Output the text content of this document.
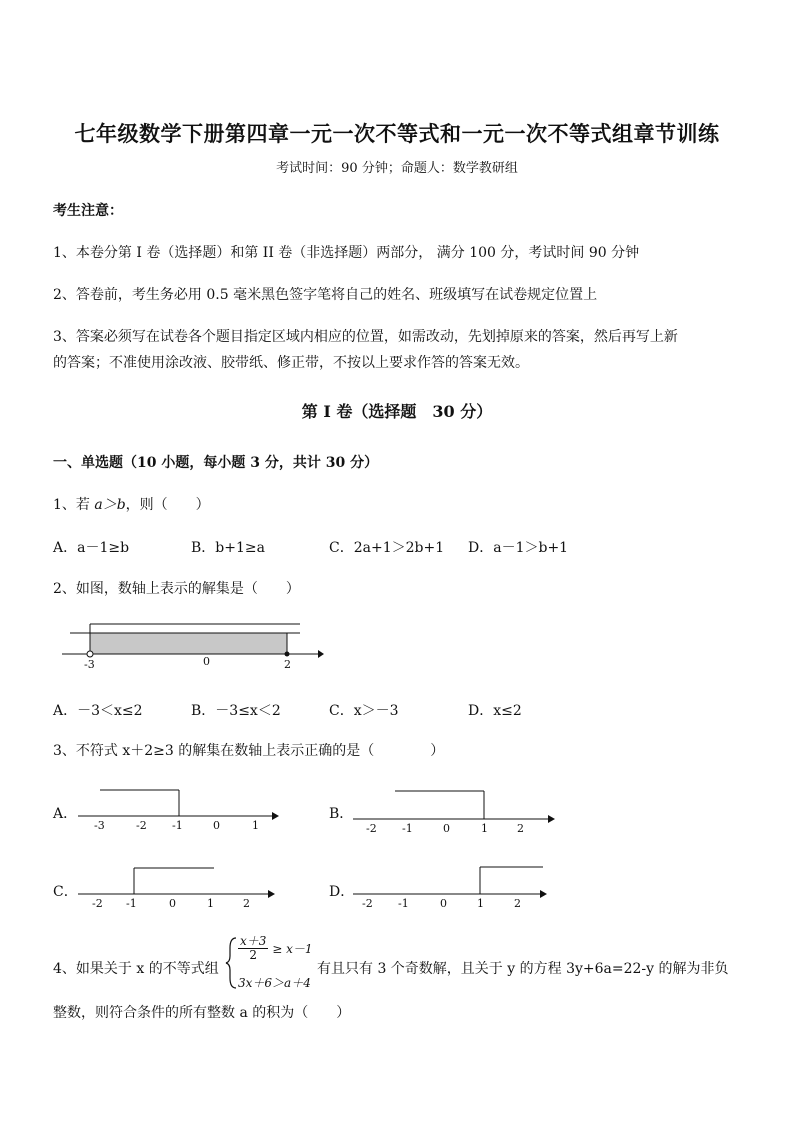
七年级数学下册第四章一元一次不等式和一元一次不等式组章节训练
考试时间：90 分钟；命题人：数学教研组
考生注意：
1、本卷分第 I 卷（选择题）和第 II 卷（非选择题）两部分， 满分 100 分，考试时间 90 分钟
2、答卷前，考生务必用 0.5 毫米黑色签字笔将自己的姓名、班级填写在试卷规定位置上
3、答案必须写在试卷各个题目指定区域内相应的位置，如需改动，先划掉原来的答案，然后再写上新
的答案；不准使用涂改液、胶带纸、修正带，不按以上要求作答的答案无效。
第 I 卷（选择题　30 分）
一、单选题（10 小题，每小题 3 分，共计 30 分）
1、若 a＞b，则（　　）
A．a－1≥b	B．b+1≥a	C．2a+1＞2b+1 D．a－1＞b+1
2、如图，数轴上表示的解集是（　　）
-3	0	2
A．－3＜x≤2	B．－3≤x＜2	C．x＞－3	D．x≤2
3、不符式 x＋2≥3 的解集在数轴上表示正确的是（　　　　）
A．	B．
C．	D．
-3	-2 -1	0	1	-2 -1	0	1	2
-2 -1	0	1	2	-2 -1	0	1	2
4、如果关于 x 的不等式组
$\frac{x+3}{2} \ge x-1$
3x＋6＞a＋4
有且只有 3 个奇数解，且关于 y 的方程 3y+6a=22-y 的解为非负
整数，则符合条件的所有整数 a 的积为（　　）
